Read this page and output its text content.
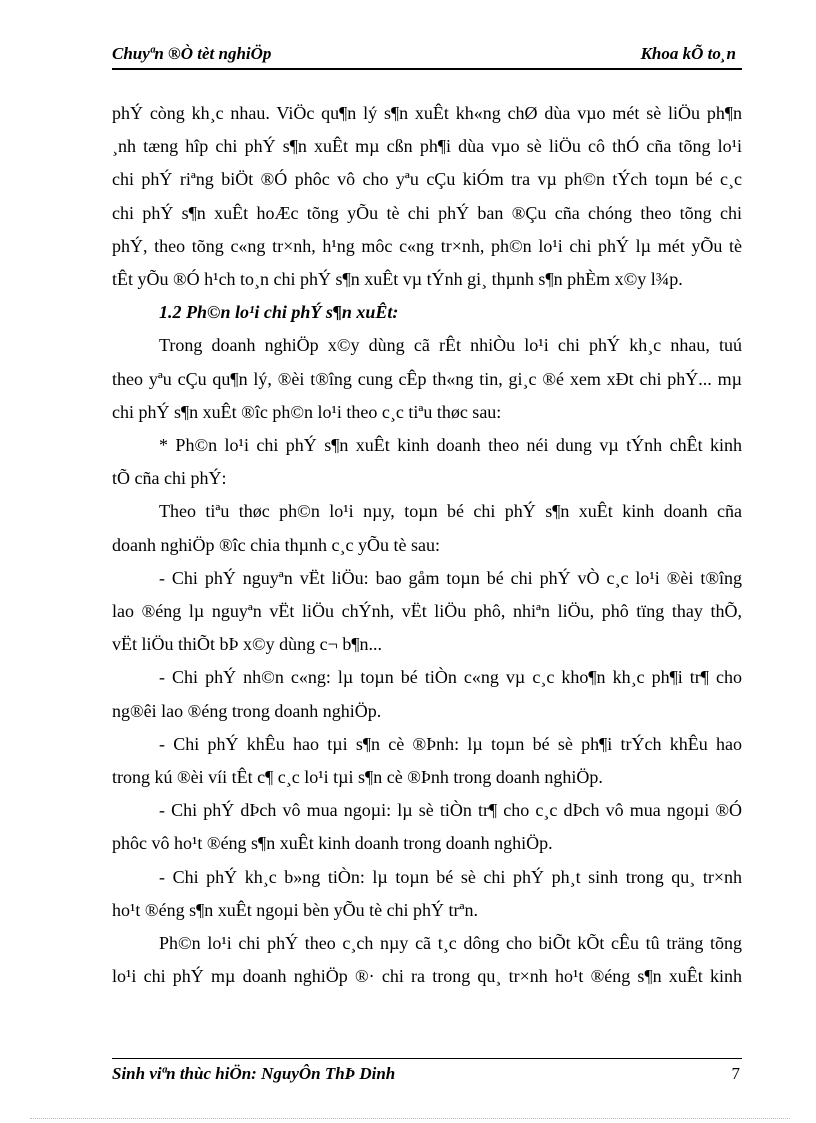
Chuyªn ®Ò tèt nghiÖp	Khoa kÕ to¸n

phÝ còng kh¸c nhau. ViÖc qu¶n lý s¶n xuÊt kh«ng chØ dùa vµo mét sè liÖu ph¶n

¸nh tæng hîp chi phÝ s¶n xuÊt mµ cßn ph¶i dùa vµo sè liÖu cô thÓ cña tõng lo¹i

chi phÝ riªng biÖt ®Ó phôc vô cho yªu cÇu kiÓm tra vµ ph©n tÝch toµn bé c¸c

chi phÝ s¶n xuÊt hoÆc tõng yÕu tè chi phÝ ban ®Çu cña chóng theo tõng chi

phÝ, theo tõng c«ng tr×nh, h¹ng môc c«ng tr×nh, ph©n lo¹i chi phÝ lµ mét yÕu tè

tÊt yÕu ®Ó h¹ch to¸n chi phÝ s¶n xuÊt vµ tÝnh gi¸ thµnh s¶n phÈm x©y l¾p.

1.2 Ph©n lo¹i chi phÝ s¶n xuÊt:

Trong doanh nghiÖp x©y dùng cã rÊt nhiÒu lo¹i chi phÝ kh¸c nhau, tuú

theo yªu cÇu qu¶n lý, ®èi t®îng cung cÊp th«ng tin, gi¸c ®é xem xÐt chi phÝ... mµ

chi phÝ s¶n xuÊt ®îc ph©n lo¹i theo c¸c tiªu thøc sau:

* Ph©n lo¹i chi phÝ s¶n xuÊt kinh doanh theo néi dung vµ tÝnh chÊt kinh

tÕ cña chi phÝ:

Theo tiªu thøc ph©n lo¹i nµy, toµn bé chi phÝ s¶n xuÊt kinh doanh cña

doanh nghiÖp ®îc chia thµnh c¸c yÕu tè sau:

- Chi phÝ nguyªn vËt liÖu: bao gåm toµn bé chi phÝ vÒ c¸c lo¹i ®èi t®îng

lao ®éng lµ nguyªn vËt liÖu chÝnh, vËt liÖu phô, nhiªn liÖu, phô tïng thay thÕ,

vËt liÖu thiÕt bÞ x©y dùng c¬ b¶n...

- Chi phÝ nh©n c«ng: lµ toµn bé tiÒn c«ng vµ c¸c kho¶n kh¸c ph¶i tr¶ cho

ng®êi lao ®éng trong doanh nghiÖp.

- Chi phÝ khÊu hao tµi s¶n cè ®Þnh: lµ toµn bé sè ph¶i trÝch khÊu hao

trong kú ®èi víi tÊt c¶ c¸c lo¹i tµi s¶n cè ®Þnh trong doanh nghiÖp.

- Chi phÝ dÞch vô mua ngoµi: lµ sè tiÒn tr¶ cho c¸c dÞch vô mua ngoµi ®Ó

phôc vô ho¹t ®éng s¶n xuÊt kinh doanh trong doanh nghiÖp.

- Chi phÝ kh¸c b»ng tiÒn: lµ toµn bé sè chi phÝ ph¸t sinh trong qu¸ tr×nh

ho¹t ®éng s¶n xuÊt ngoµi bèn yÕu tè chi phÝ trªn.

Ph©n lo¹i chi phÝ theo c¸ch nµy cã t¸c dông cho biÕt kÕt cÊu tû träng tõng

lo¹i chi phÝ mµ doanh nghiÖp ®· chi ra trong qu¸ tr×nh ho¹t ®éng s¶n xuÊt kinh

Sinh viªn thùc hiÖn: NguyÔn ThÞ Dinh	7
